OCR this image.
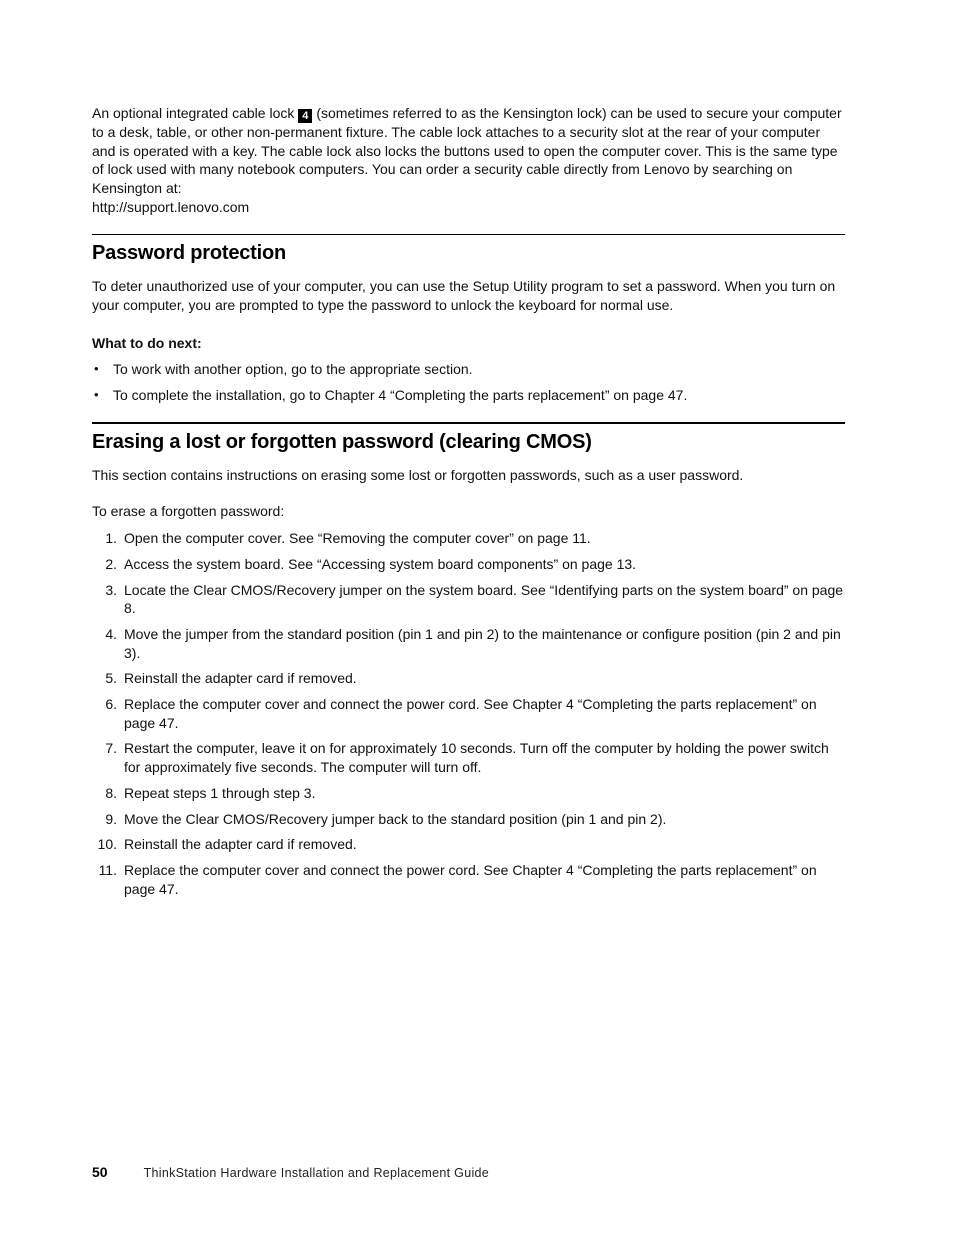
An optional integrated cable lock 4 (sometimes referred to as the Kensington lock) can be used to secure your computer to a desk, table, or other non-permanent fixture. The cable lock attaches to a security slot at the rear of your computer and is operated with a key. The cable lock also locks the buttons used to open the computer cover. This is the same type of lock used with many notebook computers. You can order a security cable directly from Lenovo by searching on Kensington at:
http://support.lenovo.com
Password protection
To deter unauthorized use of your computer, you can use the Setup Utility program to set a password. When you turn on your computer, you are prompted to type the password to unlock the keyboard for normal use.
What to do next:
• To work with another option, go to the appropriate section.
• To complete the installation, go to Chapter 4 “Completing the parts replacement” on page 47.
Erasing a lost or forgotten password (clearing CMOS)
This section contains instructions on erasing some lost or forgotten passwords, such as a user password.
To erase a forgotten password:
1. Open the computer cover. See “Removing the computer cover” on page 11.
2. Access the system board. See “Accessing system board components” on page 13.
3. Locate the Clear CMOS/Recovery jumper on the system board. See “Identifying parts on the system board” on page 8.
4. Move the jumper from the standard position (pin 1 and pin 2) to the maintenance or configure position (pin 2 and pin 3).
5. Reinstall the adapter card if removed.
6. Replace the computer cover and connect the power cord. See Chapter 4 “Completing the parts replacement” on page 47.
7. Restart the computer, leave it on for approximately 10 seconds. Turn off the computer by holding the power switch for approximately five seconds. The computer will turn off.
8. Repeat steps 1 through step 3.
9. Move the Clear CMOS/Recovery jumper back to the standard position (pin 1 and pin 2).
10. Reinstall the adapter card if removed.
11. Replace the computer cover and connect the power cord. See Chapter 4 “Completing the parts replacement” on page 47.
50	ThinkStation Hardware Installation and Replacement Guide
